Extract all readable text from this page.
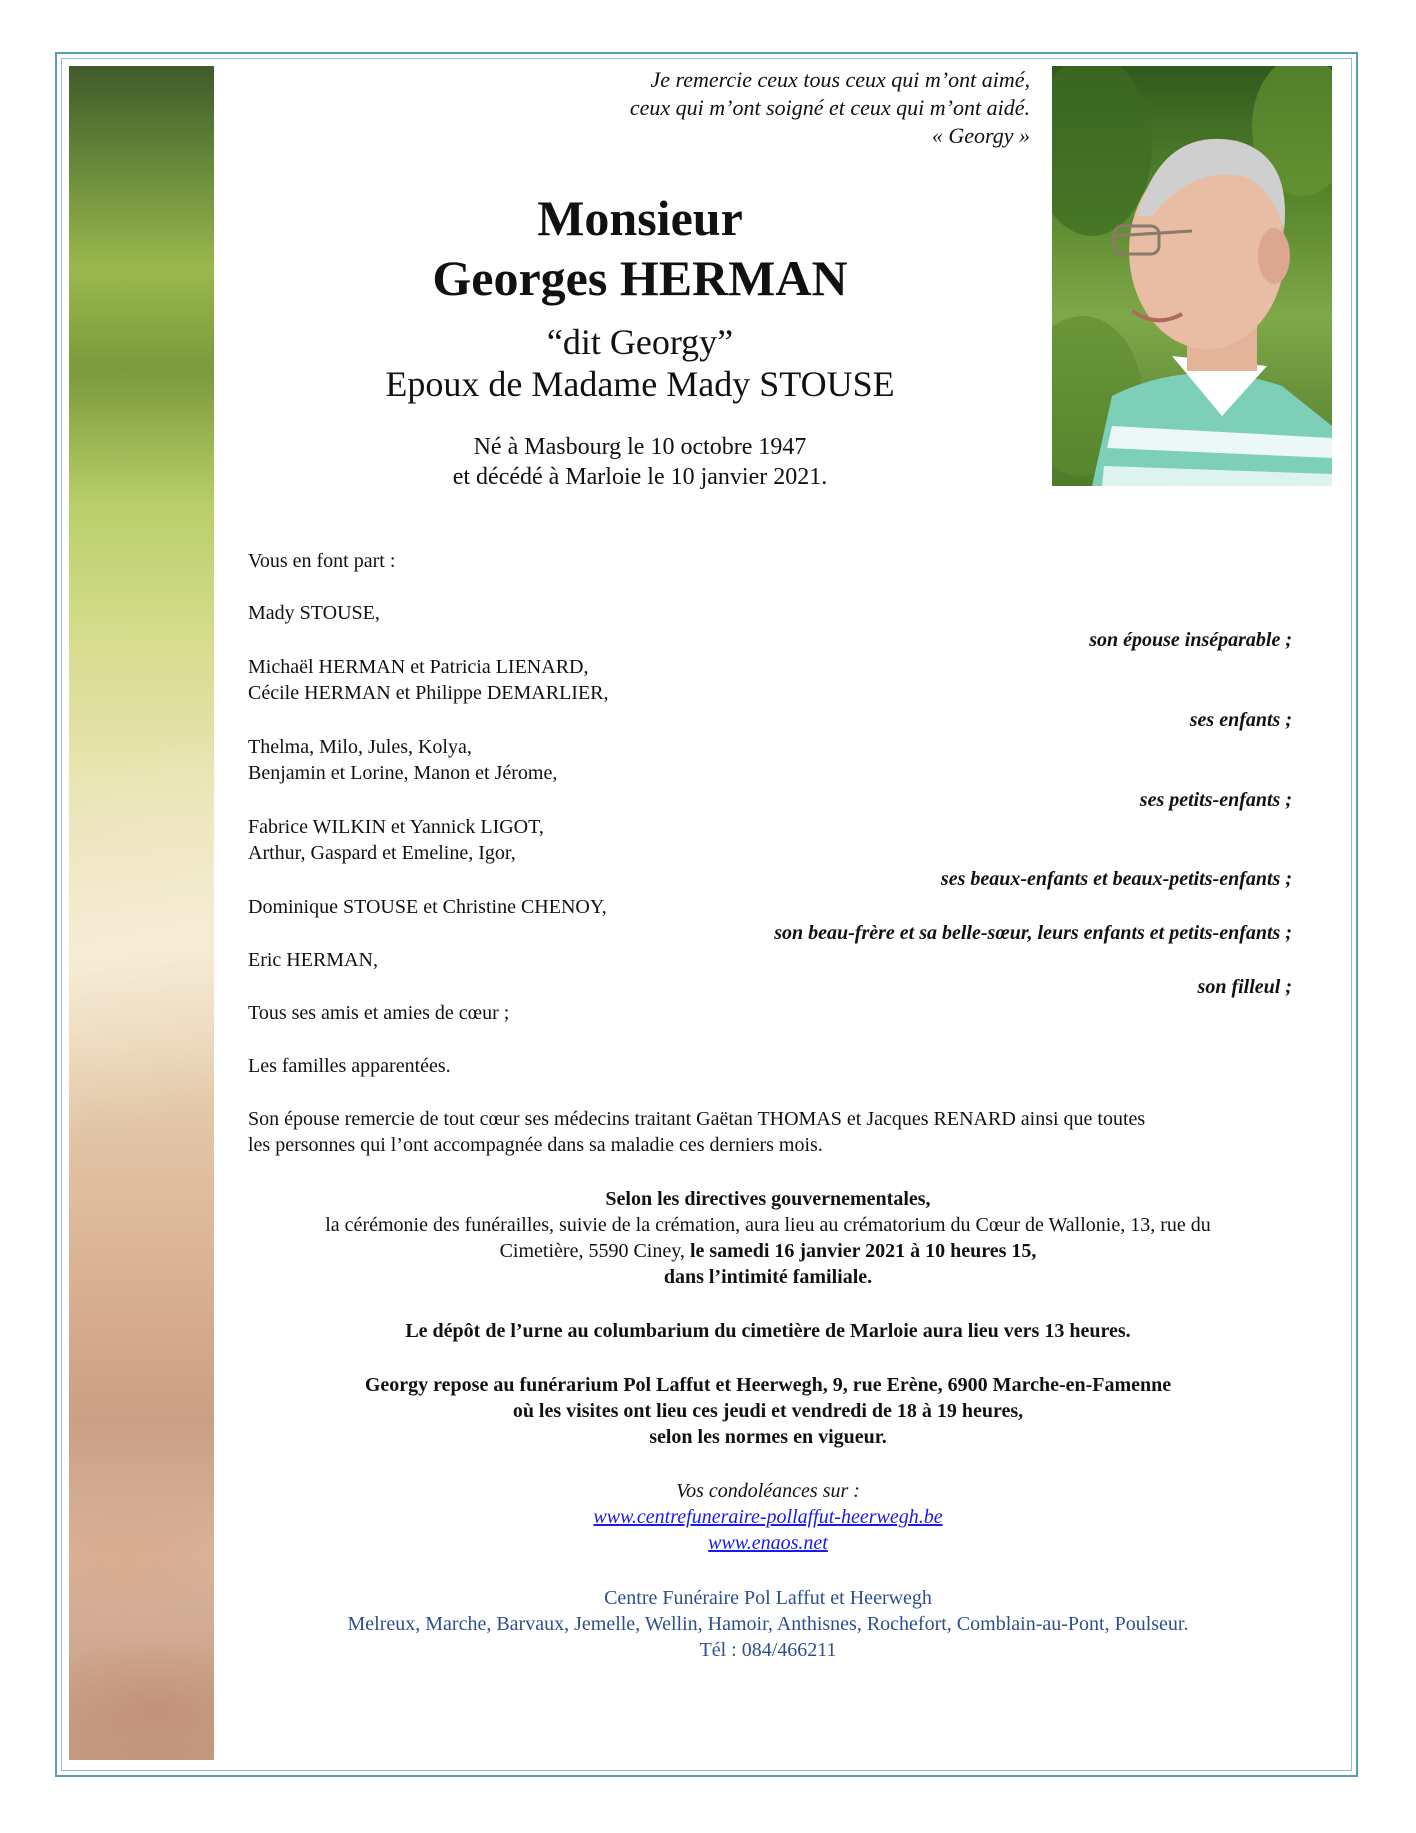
Je remercie ceux tous ceux qui m’ont aimé,
ceux qui m’ont soigné et ceux qui m’ont aidé.
« Georgy »
Monsieur
Georges HERMAN
“dit Georgy”
Epoux de Madame Mady STOUSE
Né à Masbourg le 10 octobre 1947
et décédé à Marloie le 10 janvier 2021.
Vous en font part :
Mady STOUSE,
son épouse inséparable ;
Michaël HERMAN et Patricia LIENARD,
Cécile HERMAN et Philippe DEMARLIER,
ses enfants ;
Thelma, Milo, Jules, Kolya,
Benjamin et Lorine, Manon et Jérome,
ses petits-enfants ;
Fabrice WILKIN et Yannick LIGOT,
Arthur, Gaspard et Emeline, Igor,
ses beaux-enfants et beaux-petits-enfants ;
Dominique STOUSE et Christine CHENOY,
son beau-frère et sa belle-sœur, leurs enfants et petits-enfants ;
Eric HERMAN,
son filleul ;
Tous ses amis et amies de cœur ;
Les familles apparentées.
Son épouse remercie de tout cœur ses médecins traitant Gaëtan THOMAS et Jacques RENARD ainsi que toutes
les personnes qui l’ont accompagnée dans sa maladie ces derniers mois.
Selon les directives gouvernementales,
la cérémonie des funérailles, suivie de la crémation, aura lieu au crématorium du Cœur de Wallonie, 13, rue du
Cimetière, 5590 Ciney, le samedi 16 janvier 2021 à 10 heures 15,
dans l’intimité familiale.
Le dépôt de l’urne au columbarium du cimetière de Marloie aura lieu vers 13 heures.
Georgy repose au funérarium Pol Laffut et Heerwegh, 9, rue Erène, 6900 Marche-en-Famenne
où les visites ont lieu ces jeudi et vendredi de 18 à 19 heures,
selon les normes en vigueur.
Vos condoléances sur :
www.centrefuneraire-pollaffut-heerwegh.be
www.enaos.net
Centre Funéraire Pol Laffut et Heerwegh
Melreux, Marche, Barvaux, Jemelle, Wellin, Hamoir, Anthisnes, Rochefort, Comblain-au-Pont, Poulseur.
Tél : 084/466211
